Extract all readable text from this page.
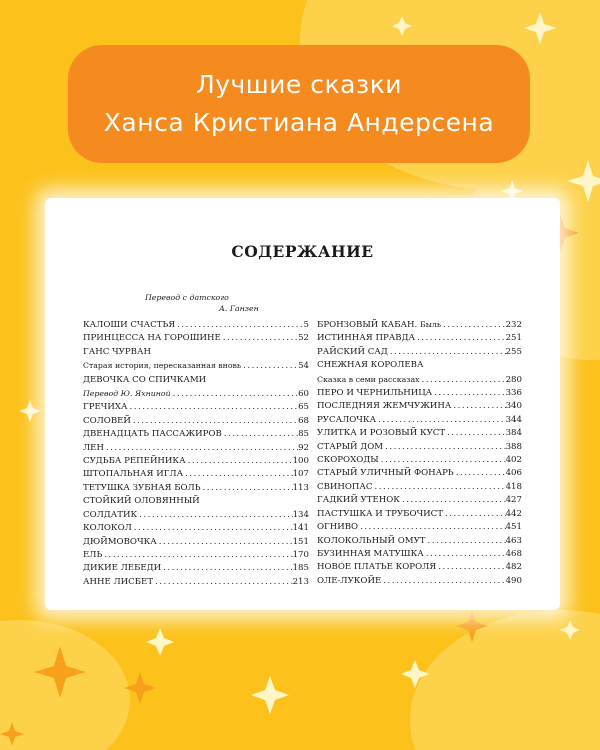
Лучшие сказки
Ханса Кристиана Андерсена
СОДЕРЖАНИЕ
Перевод с датского
А. Ганзен
КАЛОШИ СЧАСТЬЯ .....	5
ПРИНЦЕССА НА ГОРОШИНЕ .....	52
ГАНС ЧУРВАН
Старая история, пересказанная вновь .....	54
ДЕВОЧКА СО СПИЧКАМИ
Перевод Ю. Яхниной .....	60
ГРЕЧИХА .....	65
СОЛОВЕЙ .....	68
ДВЕНАДЦАТЬ ПАССАЖИРОВ .....	85
ЛЕН .....	92
СУДЬБА РЕПЕЙНИКА .....	100
ШТОПАЛЬНАЯ ИГЛА .....	107
ТЕТУШКА ЗУБНАЯ БОЛЬ .....	113
СТОЙКИЙ ОЛОВЯННЫЙ
СОЛДАТИК .....	134
КОЛОКОЛ .....	141
ДЮЙМОВОЧКА .....	151
ЕЛЬ .....	170
ДИКИЕ ЛЕБЕДИ .....	185
АННЕ ЛИСБЕТ .....	213
БРОНЗОВЫЙ КАБАН.
Быль .....	232
ИСТИННАЯ ПРАВДА .....	251
РАЙСКИЙ САД .....	255
СНЕЖНАЯ КОРОЛЕВА
Сказка в семи рассказах .....	280
ПЕРО И ЧЕРНИЛЬНИЦА .....	336
ПОСЛЕДНЯЯ ЖЕМЧУЖИНА .....	340
РУСАЛОЧКА .....	344
УЛИТКА И РОЗОВЫЙ КУСТ .....	384
СТАРЫЙ ДОМ .....	388
СКОРОХОДЫ .....	402
СТАРЫЙ УЛИЧНЫЙ ФОНАРЬ .....	406
СВИНОПАС .....	418
ГАДКИЙ УТЕНОК .....	427
ПАСТУШКА И ТРУБОЧИСТ .....	442
ОГНИВО .....	451
КОЛОКОЛЬНЫЙ ОМУТ .....	463
БУЗИННАЯ МАТУШКА .....	468
НОВОЕ ПЛАТЬЕ КОРОЛЯ .....	482
ОЛЕ-ЛУКОЙЕ .....	490
